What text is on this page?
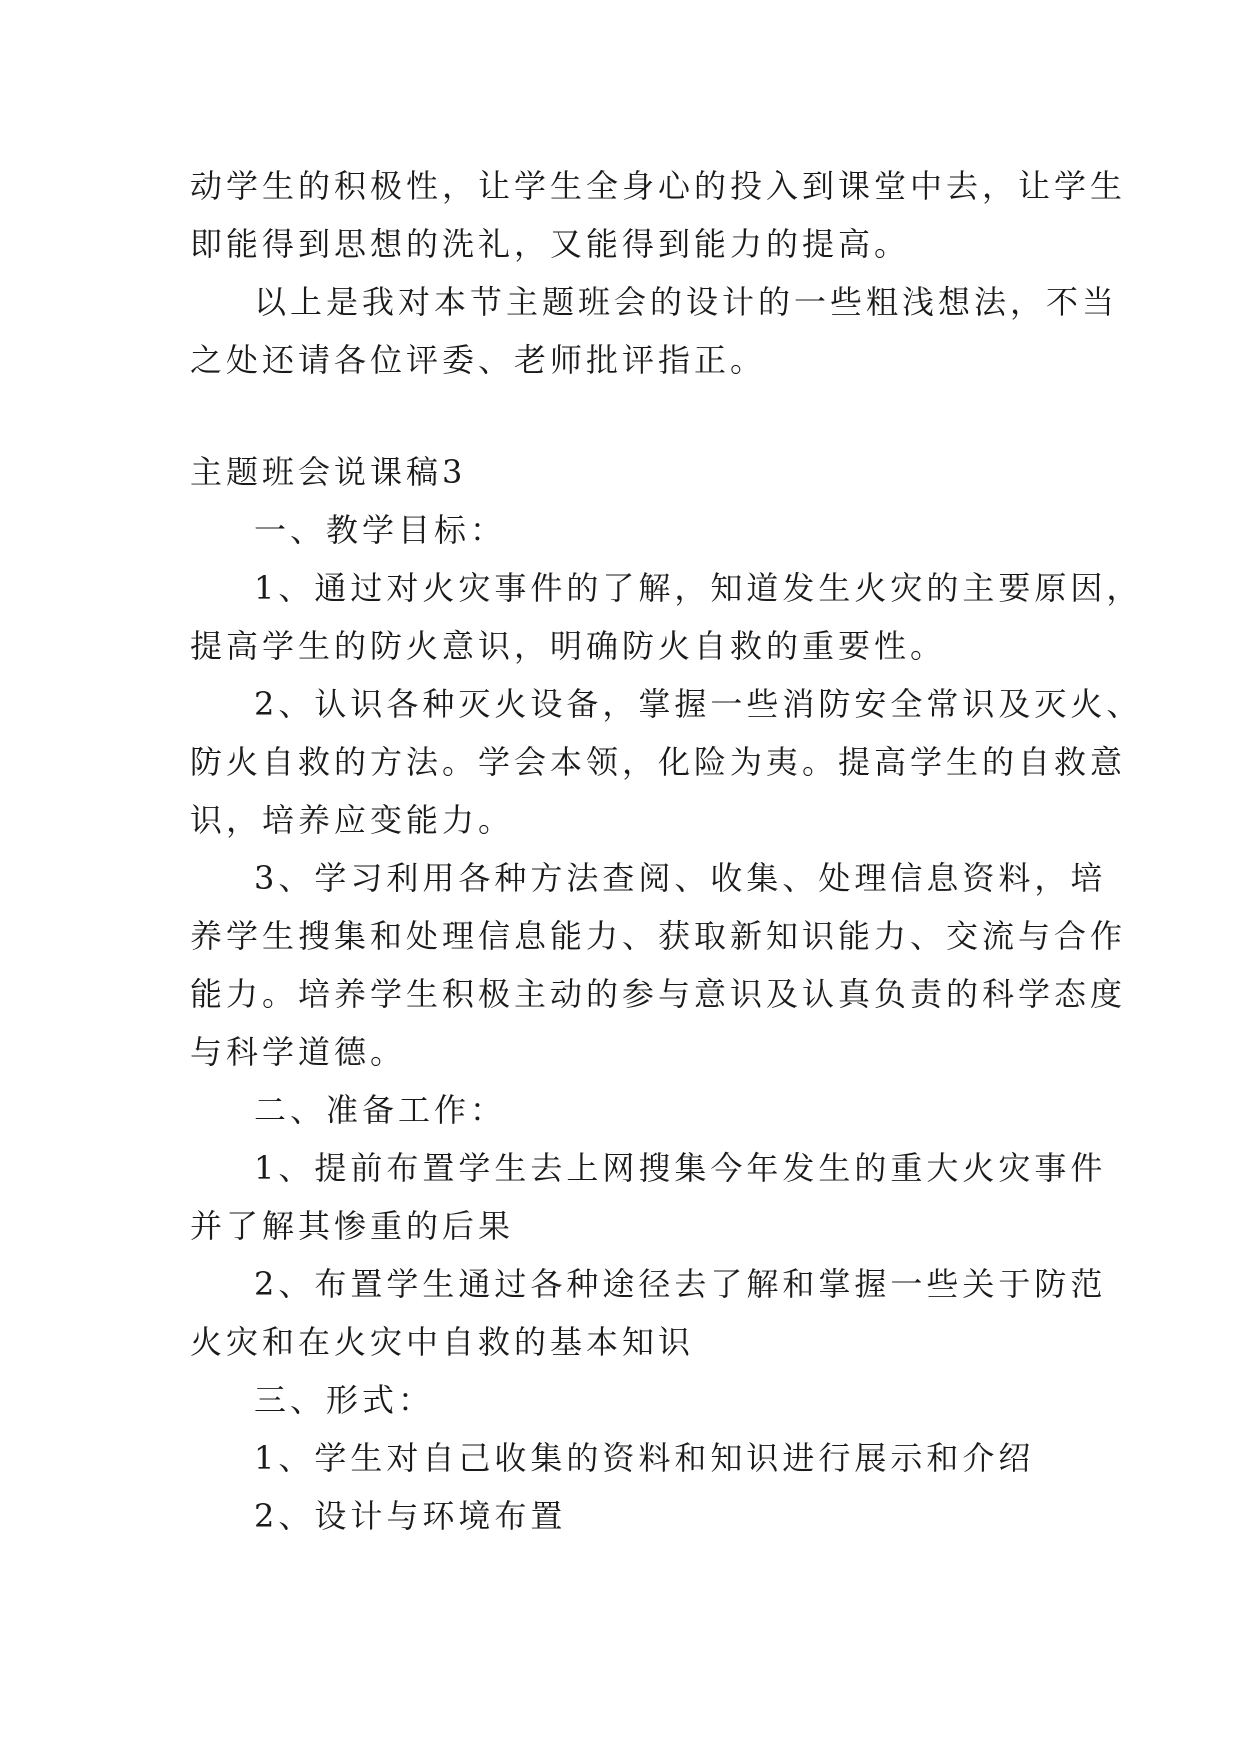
动学生的积极性，让学生全身心的投入到课堂中去，让学生
即能得到思想的洗礼，又能得到能力的提高。
以上是我对本节主题班会的设计的一些粗浅想法，不当
之处还请各位评委、老师批评指正。
主题班会说课稿3
一、教学目标：
1、通过对火灾事件的了解，知道发生火灾的主要原因，
提高学生的防火意识，明确防火自救的重要性。
2、认识各种灭火设备，掌握一些消防安全常识及灭火、
防火自救的方法。学会本领，化险为夷。提高学生的自救意
识，培养应变能力。
3、学习利用各种方法查阅、收集、处理信息资料，培
养学生搜集和处理信息能力、获取新知识能力、交流与合作
能力。培养学生积极主动的参与意识及认真负责的科学态度
与科学道德。
二、准备工作：
1、提前布置学生去上网搜集今年发生的重大火灾事件
并了解其惨重的后果
2、布置学生通过各种途径去了解和掌握一些关于防范
火灾和在火灾中自救的基本知识
三、形式：
1、学生对自己收集的资料和知识进行展示和介绍
2、设计与环境布置
